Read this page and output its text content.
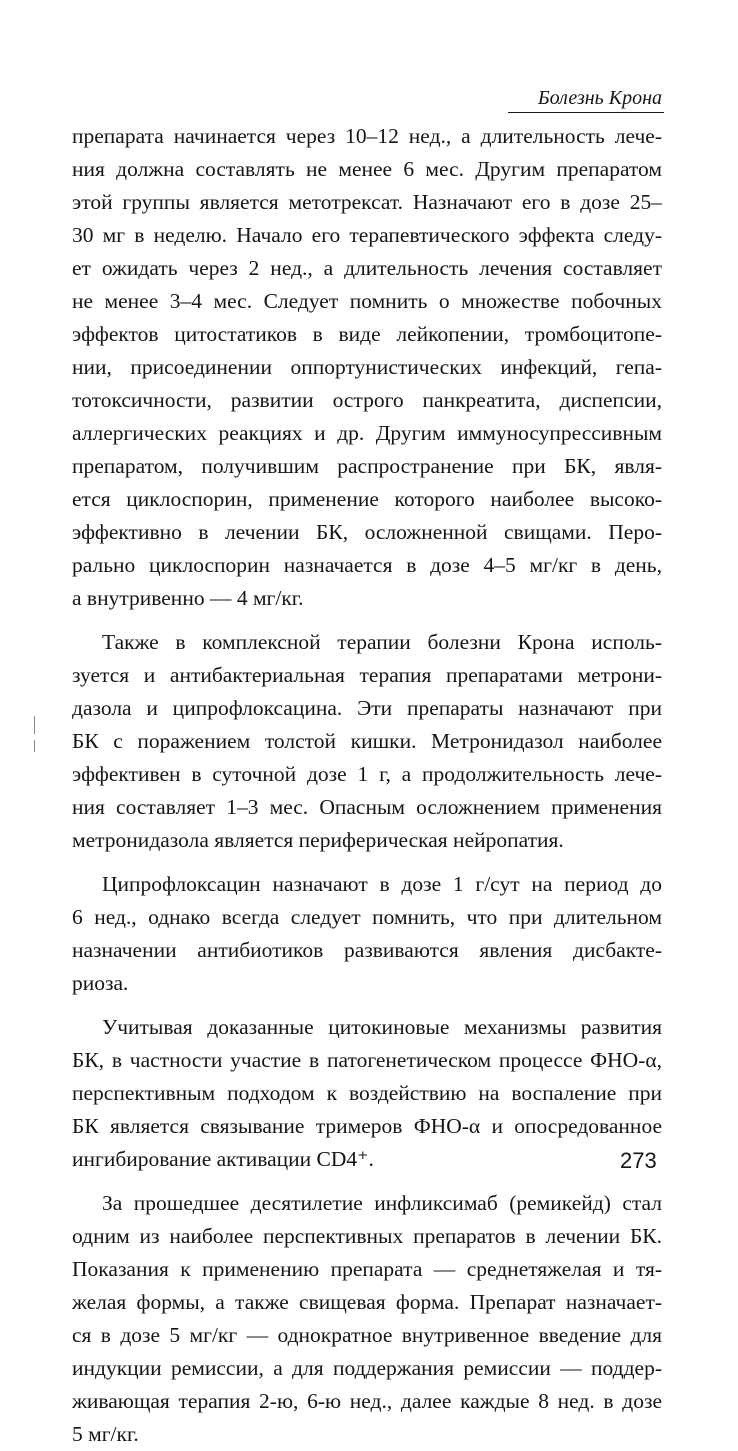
Болезнь Крона
препарата начинается через 10–12 нед., а длительность лече-
ния должна составлять не менее 6 мес. Другим препаратом
этой группы является метотрексат. Назначают его в дозе 25–
30 мг в неделю. Начало его терапевтического эффекта следу-
ет ожидать через 2 нед., а длительность лечения составляет
не менее 3–4 мес. Следует помнить о множестве побочных
эффектов цитостатиков в виде лейкопении, тромбоцитопе-
нии, присоединении оппортунистических инфекций, гепа-
тотоксичности, развитии острого панкреатита, диспепсии,
аллергических реакциях и др. Другим иммуносупрессивным
препаратом, получившим распространение при БК, явля-
ется циклоспорин, применение которого наиболее высоко-
эффективно в лечении БК, осложненной свищами. Перо-
рально циклоспорин назначается в дозе 4–5 мг/кг в день,
а внутривенно — 4 мг/кг.
Также в комплексной терапии болезни Крона исполь-
зуется и антибактериальная терапия препаратами метрони-
дазола и ципрофлоксацина. Эти препараты назначают при
БК с поражением толстой кишки. Метронидазол наиболее
эффективен в суточной дозе 1 г, а продолжительность лече-
ния составляет 1–3 мес. Опасным осложнением применения
метронидазола является периферическая нейропатия.
Ципрофлоксацин назначают в дозе 1 г/сут на период до
6 нед., однако всегда следует помнить, что при длительном
назначении антибиотиков развиваются явления дисбакте-
риоза.
Учитывая доказанные цитокиновые механизмы развития
БК, в частности участие в патогенетическом процессе ФНО-α,
перспективным подходом к воздействию на воспаление при
БК является связывание тримеров ФНО-α и опосредованное
ингибирование активации CD4⁺.
За прошедшее десятилетие инфликсимаб (ремикейд) стал
одним из наиболее перспективных препаратов в лечении БК.
Показания к применению препарата — среднетяжелая и тя-
желая формы, а также свищевая форма. Препарат назначает-
ся в дозе 5 мг/кг — однократное внутривенное введение для
индукции ремиссии, а для поддержания ремиссии — поддер-
живающая терапия 2-ю, 6-ю нед., далее каждые 8 нед. в дозе
5 мг/кг.
273
